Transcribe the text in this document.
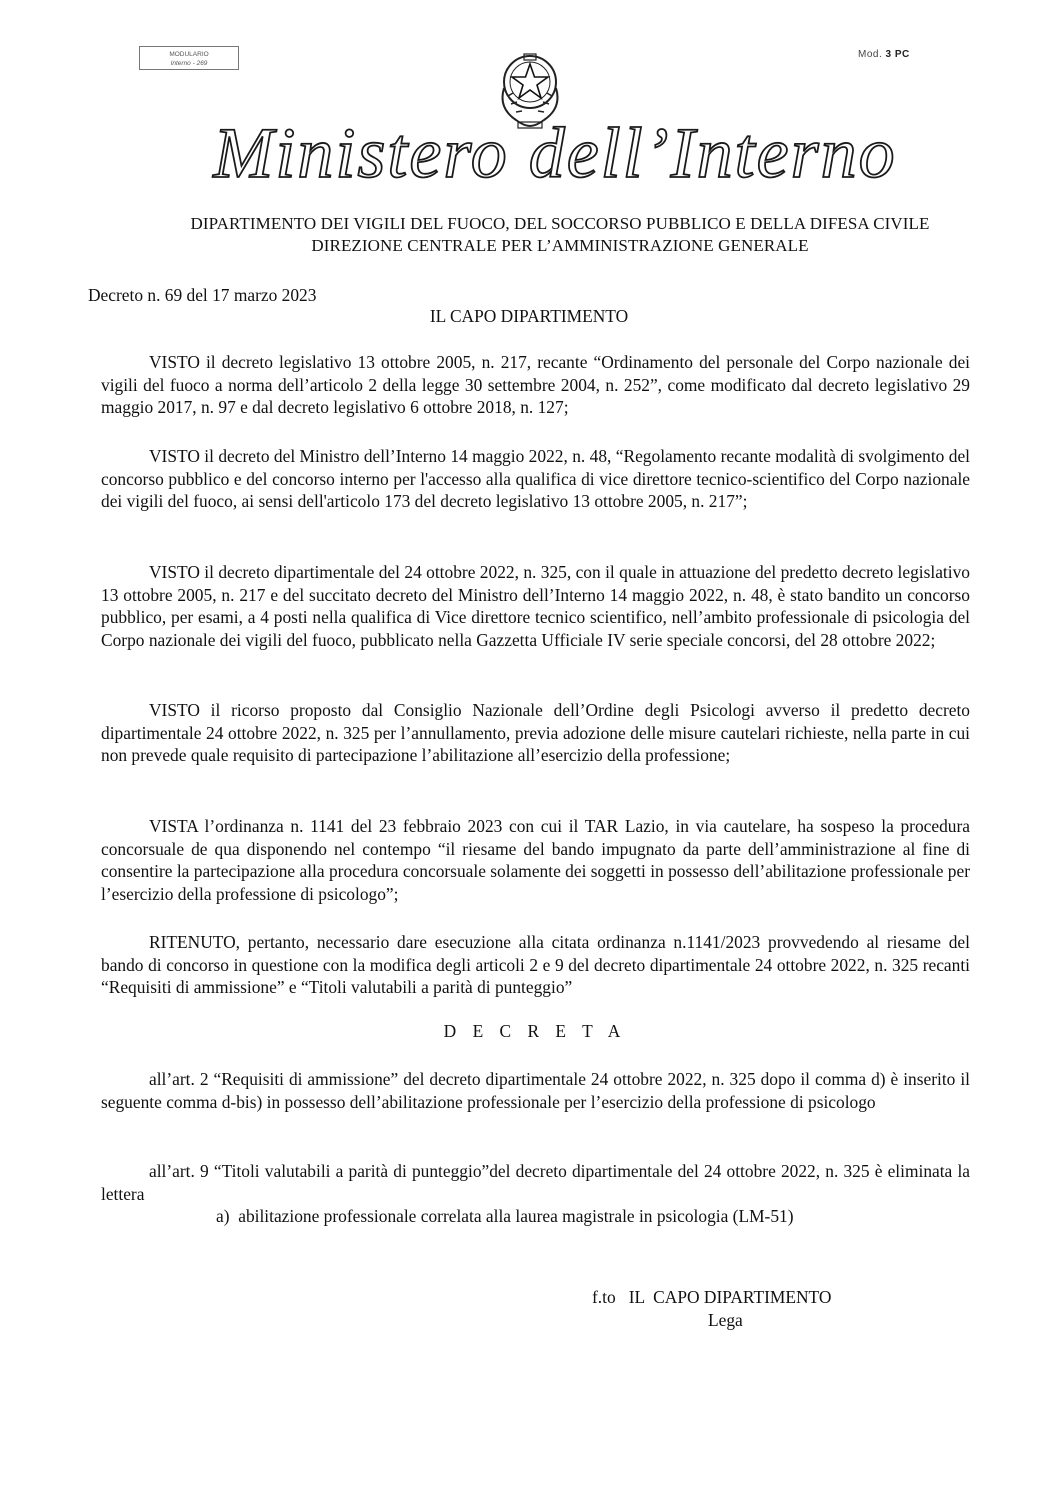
MODULARIO
Interno - 269
Mod. 3 PC
Ministero dell’Interno
DIPARTIMENTO DEI VIGILI DEL FUOCO, DEL SOCCORSO PUBBLICO E DELLA DIFESA CIVILE
DIREZIONE CENTRALE PER L’AMMINISTRAZIONE GENERALE
Decreto n. 69 del 17 marzo 2023
IL CAPO DIPARTIMENTO

VISTO il decreto legislativo 13 ottobre 2005, n. 217, recante “Ordinamento del personale del Corpo nazionale dei vigili del fuoco a norma dell’articolo 2 della legge 30 settembre 2004, n. 252”, come modificato dal decreto legislativo 29 maggio 2017, n. 97 e dal decreto legislativo 6 ottobre 2018, n. 127;

VISTO il decreto del Ministro dell’Interno 14 maggio 2022, n. 48, “Regolamento recante modalità di svolgimento del concorso pubblico e del concorso interno per l'accesso alla qualifica di vice direttore tecnico-scientifico del Corpo nazionale dei vigili del fuoco, ai sensi dell'articolo 173 del decreto legislativo 13 ottobre 2005, n. 217”;

VISTO il decreto dipartimentale del 24 ottobre 2022, n. 325, con il quale in attuazione del predetto decreto legislativo 13 ottobre 2005, n. 217 e del succitato decreto del Ministro dell’Interno 14 maggio 2022, n. 48, è stato bandito un concorso pubblico, per esami, a 4 posti nella qualifica di Vice direttore tecnico scientifico, nell’ambito professionale di psicologia del Corpo nazionale dei vigili del fuoco, pubblicato nella Gazzetta Ufficiale IV serie speciale concorsi, del 28 ottobre 2022;

VISTO il ricorso proposto dal Consiglio Nazionale dell’Ordine degli Psicologi avverso il predetto decreto dipartimentale 24 ottobre 2022, n. 325 per l’annullamento, previa adozione delle misure cautelari richieste, nella parte in cui non prevede quale requisito di partecipazione l’abilitazione all’esercizio della professione;

VISTA l’ordinanza n. 1141 del 23 febbraio 2023 con cui il TAR Lazio, in via cautelare, ha sospeso la procedura concorsuale de qua disponendo nel contempo “il riesame del bando impugnato da parte dell’amministrazione al fine di consentire la partecipazione alla procedura concorsuale solamente dei soggetti in possesso dell’abilitazione professionale per l’esercizio della professione di psicologo”;

RITENUTO, pertanto, necessario dare esecuzione alla citata ordinanza n.1141/2023 provvedendo al riesame del bando di concorso in questione con la modifica degli articoli 2 e 9 del decreto dipartimentale 24 ottobre 2022, n. 325 recanti “Requisiti di ammissione” e “Titoli valutabili a parità di punteggio”

D E C R E T A

all’art. 2 “Requisiti di ammissione” del decreto dipartimentale 24 ottobre 2022, n. 325 dopo il comma d) è inserito il seguente comma d-bis) in possesso dell’abilitazione professionale per l’esercizio della professione di psicologo

all’art. 9 “Titoli valutabili a parità di punteggio”del decreto dipartimentale del 24 ottobre 2022, n. 325 è eliminata la lettera

a) abilitazione professionale correlata alla laurea magistrale in psicologia (LM-51)
f.to   IL  CAPO DIPARTIMENTO
Lega
